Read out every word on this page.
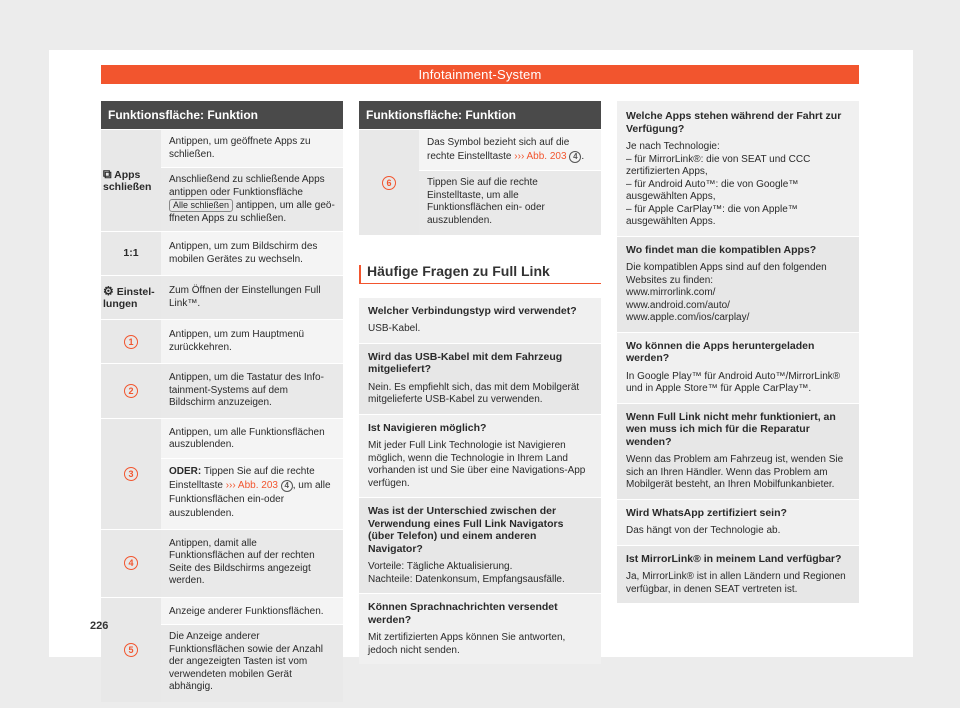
Infotainment-System
Funktionsfläche: Funktion
⧉ Apps schließen
Antippen, um geöffnete Apps zu schließen.
Anschließend zu schließende Apps antippen oder Funktionsfläche Alle schließen antippen, um alle geöffneten Apps zu schließen.
1:1
Antippen, um zum Bildschirm des mobilen Gerätes zu wechseln.
⚙ Einstellungen
Zum Öffnen der Einstellungen Full Link™.
1
Antippen, um zum Hauptmenü zurückkehren.
2
Antippen, um die Tastatur des Infotainment-Systems auf dem Bildschirm anzuzeigen.
3
Antippen, um alle Funktionsflächen auszublenden.
ODER: Tippen Sie auf die rechte Einstelltaste ››› Abb. 203 4 , um alle Funktionsflächen ein-oder auszublenden.
4
Antippen, damit alle Funktionsflächen auf der rechten Seite des Bildschirms angezeigt werden.
5
Anzeige anderer Funktionsflächen.
Die Anzeige anderer Funktionsflächen sowie der Anzahl der angezeigten Tasten ist vom verwendeten mobilen Gerät abhängig.
Funktionsfläche: Funktion
6
Das Symbol bezieht sich auf die rechte Einstelltaste ››› Abb. 203 4 .
Tippen Sie auf die rechte Einstelltaste, um alle Funktionsflächen ein- oder auszublenden.
Häufige Fragen zu Full Link
Welcher Verbindungstyp wird verwendet?
USB-Kabel.
Wird das USB-Kabel mit dem Fahrzeug mitgeliefert?
Nein. Es empfiehlt sich, das mit dem Mobilgerät mitgelieferte USB-Kabel zu verwenden.
Ist Navigieren möglich?
Mit jeder Full Link Technologie ist Navigieren möglich, wenn die Technologie in Ihrem Land vorhanden ist und Sie über eine Navigations-App verfügen.
Was ist der Unterschied zwischen der Verwendung eines Full Link Navigators (über Telefon) und einem anderen Navigator?
Vorteile: Tägliche Aktualisierung.
Nachteile: Datenkonsum, Empfangsausfälle.
Können Sprachnachrichten versendet werden?
Mit zertifizierten Apps können Sie antworten, jedoch nicht senden.
Welche Apps stehen während der Fahrt zur Verfügung?
Je nach Technologie:
– für MirrorLink®: die von SEAT und CCC zertifizierten Apps,
– für Android Auto™: die von Google™ ausgewählten Apps,
– für Apple CarPlay™: die von Apple™ ausgewählten Apps.
Wo findet man die kompatiblen Apps?
Die kompatiblen Apps sind auf den folgenden Websites zu finden:
www.mirrorlink.com/
www.android.com/auto/
www.apple.com/ios/carplay/
Wo können die Apps heruntergeladen werden?
In Google Play™ für Android Auto™/MirrorLink® und in Apple Store™ für Apple CarPlay™.
Wenn Full Link nicht mehr funktioniert, an wen muss ich mich für die Reparatur wenden?
Wenn das Problem am Fahrzeug ist, wenden Sie sich an Ihren Händler. Wenn das Problem am Mobilgerät besteht, an Ihren Mobilfunkanbieter.
Wird WhatsApp zertifiziert sein?
Das hängt von der Technologie ab.
Ist MirrorLink® in meinem Land verfügbar?
Ja, MirrorLink® ist in allen Ländern und Regionen verfügbar, in denen SEAT vertreten ist.
226
